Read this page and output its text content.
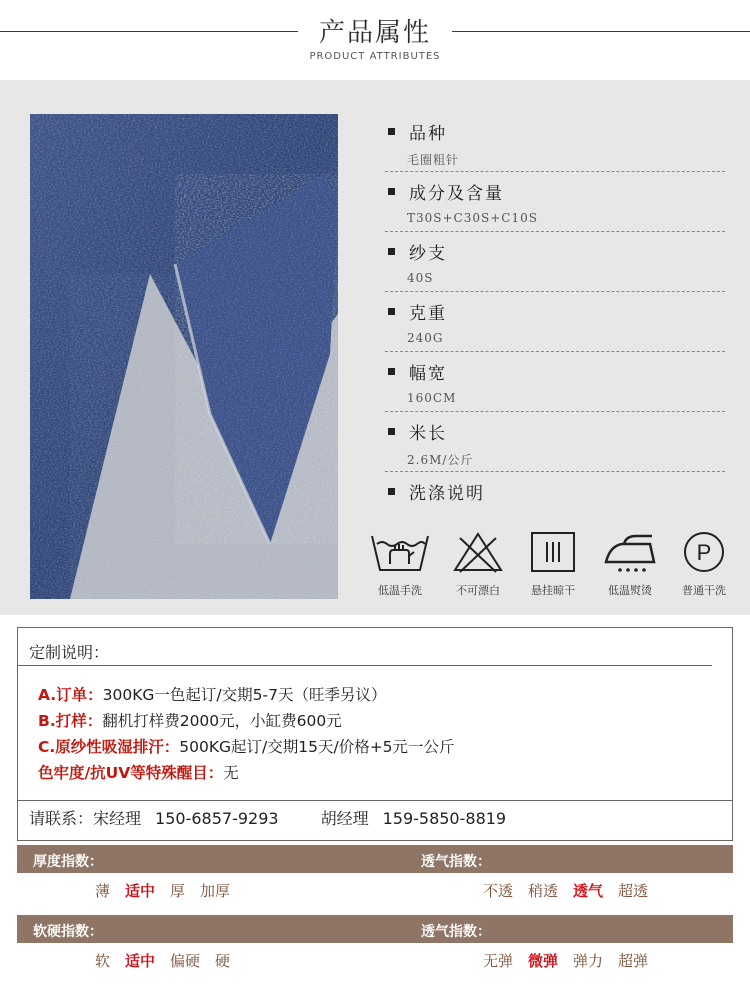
产品属性
PRODUCT ATTRIBUTES
品种
毛圈粗针
成分及含量
T30S+C30S+C10S
纱支
40S
克重
240G
幅宽
160CM
米长
2.6M/公斤
洗涤说明
低温手洗	不可漂白	悬挂晾干	低温熨烫
P
普通干洗
定制说明：
A.订单：300KG一色起订/交期5-7天（旺季另议）
B.打样：翻机打样费2000元，小缸费600元
C.原纱性吸湿排汗：500KG起订/交期15天/价格+5元一公斤
色牢度/抗UV等特殊醒目：无
请联系：宋经理 150-6857-9293	胡经理 159-5850-8819
厚度指数：	透气指数：
薄 适中 厚 加厚	不透 稍透 透气 超透
软硬指数：	透气指数：
软 适中 偏硬 硬	无弹 微弹 弹力 超弹
